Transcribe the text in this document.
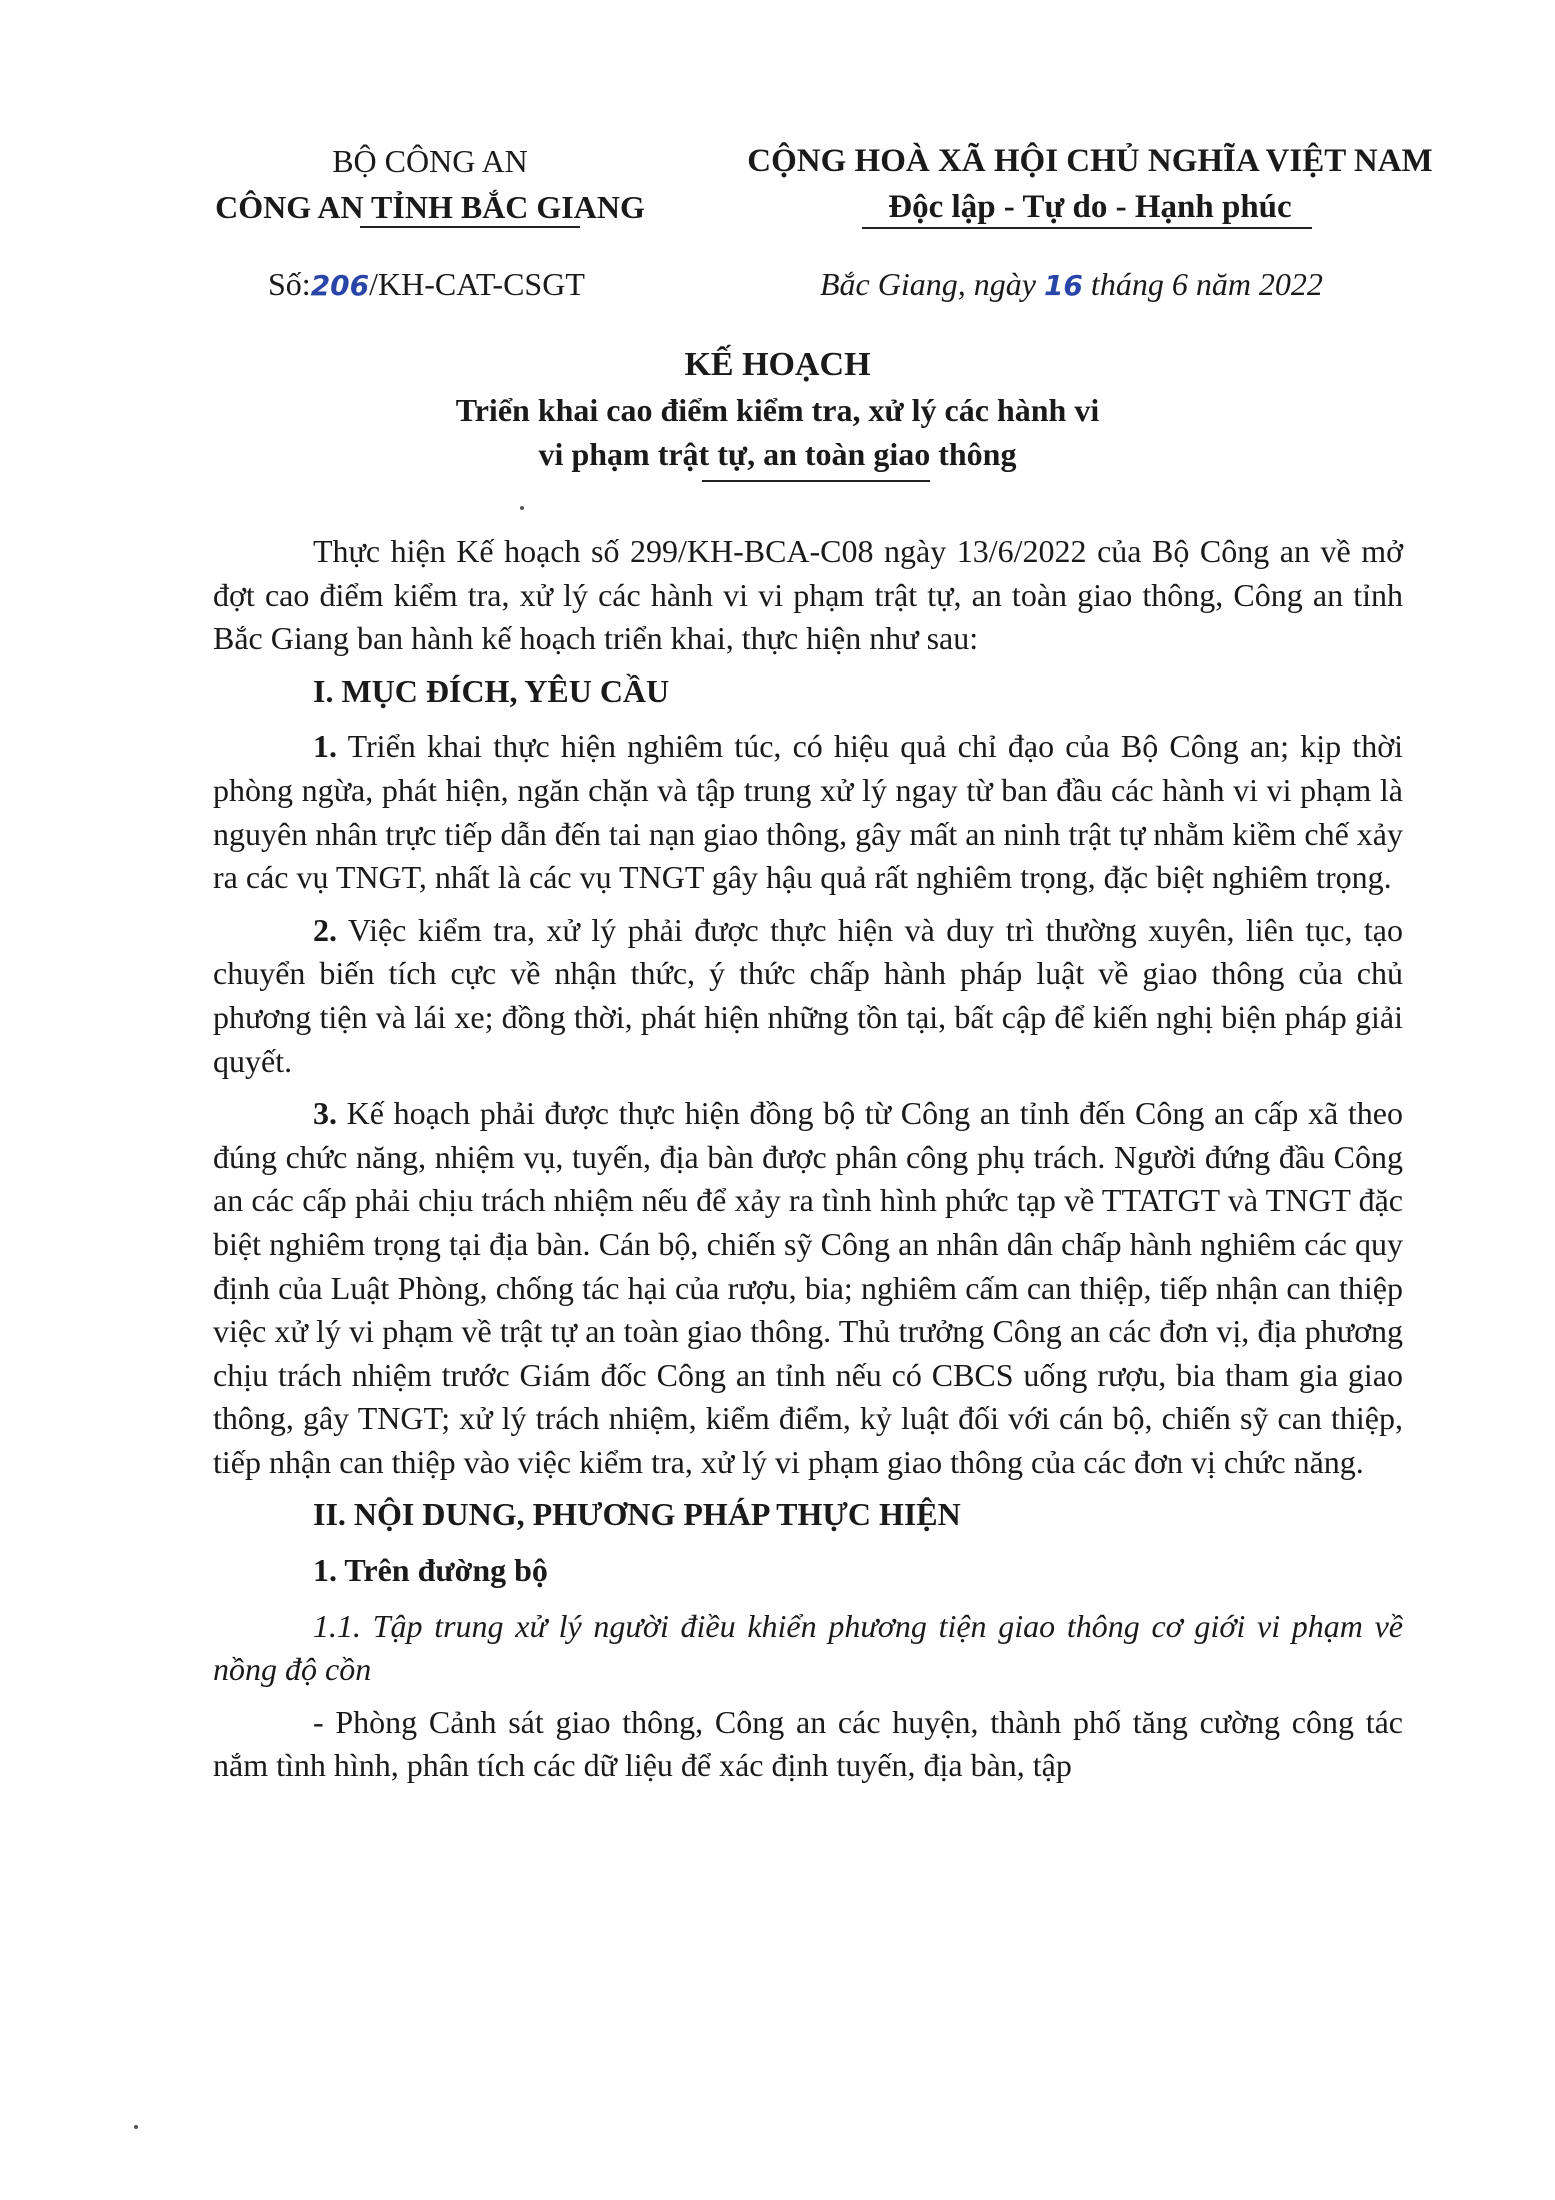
BỘ CÔNG AN
CÔNG AN TỈNH BẮC GIANG
CỘNG HOÀ XÃ HỘI CHỦ NGHĨA VIỆT NAM
Độc lập - Tự do - Hạnh phúc
Số:206/KH-CAT-CSGT	Bắc Giang, ngày 16 tháng 6 năm 2022
KẾ HOẠCH
Triển khai cao điểm kiểm tra, xử lý các hành vi
vi phạm trật tự, an toàn giao thông

Thực hiện Kế hoạch số 299/KH-BCA-C08 ngày 13/6/2022 của Bộ Công an về mở đợt cao điểm kiểm tra, xử lý các hành vi vi phạm trật tự, an toàn giao thông, Công an tỉnh Bắc Giang ban hành kế hoạch triển khai, thực hiện như sau:

I. MỤC ĐÍCH, YÊU CẦU

1. Triển khai thực hiện nghiêm túc, có hiệu quả chỉ đạo của Bộ Công an; kịp thời phòng ngừa, phát hiện, ngăn chặn và tập trung xử lý ngay từ ban đầu các hành vi vi phạm là nguyên nhân trực tiếp dẫn đến tai nạn giao thông, gây mất an ninh trật tự nhằm kiềm chế xảy ra các vụ TNGT, nhất là các vụ TNGT gây hậu quả rất nghiêm trọng, đặc biệt nghiêm trọng.

2. Việc kiểm tra, xử lý phải được thực hiện và duy trì thường xuyên, liên tục, tạo chuyển biến tích cực về nhận thức, ý thức chấp hành pháp luật về giao thông của chủ phương tiện và lái xe; đồng thời, phát hiện những tồn tại, bất cập để kiến nghị biện pháp giải quyết.

3. Kế hoạch phải được thực hiện đồng bộ từ Công an tỉnh đến Công an cấp xã theo đúng chức năng, nhiệm vụ, tuyến, địa bàn được phân công phụ trách. Người đứng đầu Công an các cấp phải chịu trách nhiệm nếu để xảy ra tình hình phức tạp về TTATGT và TNGT đặc biệt nghiêm trọng tại địa bàn. Cán bộ, chiến sỹ Công an nhân dân chấp hành nghiêm các quy định của Luật Phòng, chống tác hại của rượu, bia; nghiêm cấm can thiệp, tiếp nhận can thiệp việc xử lý vi phạm về trật tự an toàn giao thông. Thủ trưởng Công an các đơn vị, địa phương chịu trách nhiệm trước Giám đốc Công an tỉnh nếu có CBCS uống rượu, bia tham gia giao thông, gây TNGT; xử lý trách nhiệm, kiểm điểm, kỷ luật đối với cán bộ, chiến sỹ can thiệp, tiếp nhận can thiệp vào việc kiểm tra, xử lý vi phạm giao thông của các đơn vị chức năng.

II. NỘI DUNG, PHƯƠNG PHÁP THỰC HIỆN
1. Trên đường bộ

1.1. Tập trung xử lý người điều khiển phương tiện giao thông cơ giới vi phạm về nồng độ cồn

- Phòng Cảnh sát giao thông, Công an các huyện, thành phố tăng cường công tác nắm tình hình, phân tích các dữ liệu để xác định tuyến, địa bàn, tập
